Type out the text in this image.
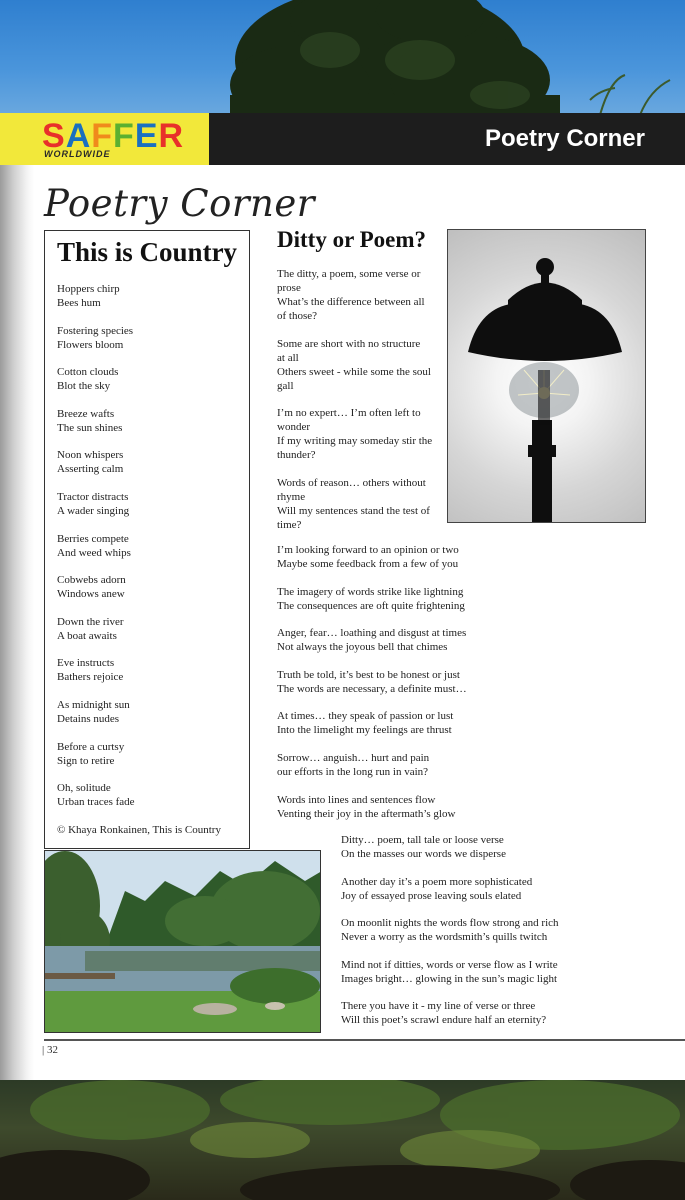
SAFFER
WORLDWIDE
Poetry Corner
Poetry Corner
This is Country
Hoppers chirp
Bees hum
Fostering species
Flowers bloom
Cotton clouds
Blot the sky
Breeze wafts
The sun shines
Noon whispers
Asserting calm
Tractor distracts
A wader singing
Berries compete
And weed whips
Cobwebs adorn
Windows anew
Down the river
A boat awaits
Eve instructs
Bathers rejoice
As midnight sun
Detains nudes
Before a curtsy
Sign to retire
Oh, solitude
Urban traces fade
© Khaya Ronkainen, This is Country
Ditty or Poem?
The ditty, a poem, some verse or
prose
What’s the difference between all
of those?
Some are short with no structure
at all
Others sweet - while some the soul
gall
I’m no expert… I’m often left to
wonder
If my writing may someday stir the
thunder?
Words of reason… others without
rhyme
Will my sentences stand the test of
time?
I’m looking forward to an opinion or two
Maybe some feedback from a few of you
The imagery of words strike like lightning
The consequences are oft quite frightening
Anger, fear… loathing and disgust at times
Not always the joyous bell that chimes
Truth be told, it’s best to be honest or just
The words are necessary, a definite must…
At times… they speak of passion or lust
Into the limelight my feelings are thrust
Sorrow… anguish… hurt and pain
our efforts in the long run in vain?
Words into lines and sentences flow
Venting their joy in the aftermath’s glow
Ditty… poem, tall tale or loose verse
On the masses our words we disperse
Another day it’s a poem more sophisticated
Joy of essayed prose leaving souls elated
On moonlit nights the words flow strong and rich
Never a worry as the wordsmith’s quills twitch
Mind not if ditties, words or verse flow as I write
Images bright… glowing in the sun’s magic light
There you have it - my line of verse or three
Will this poet’s scrawl endure half an eternity?
| 32
